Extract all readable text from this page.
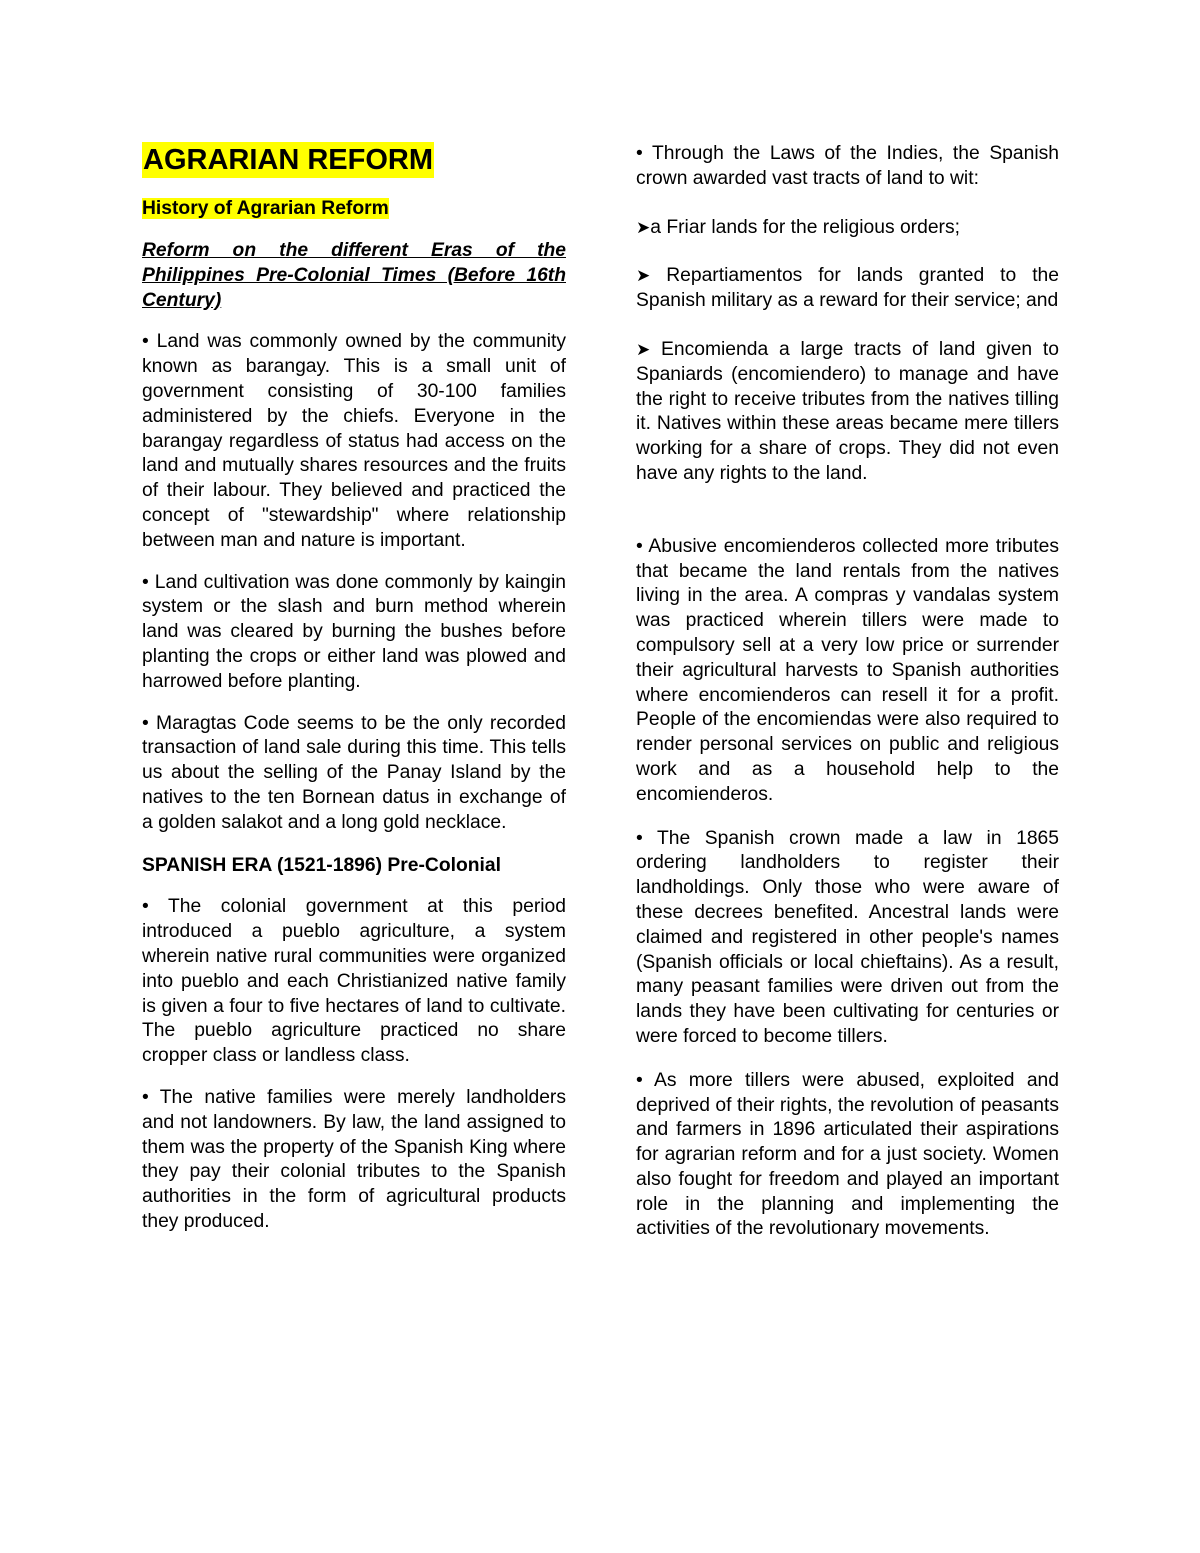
AGRARIAN REFORM
History of Agrarian Reform

Reform on the different Eras of the Philippines Pre-Colonial Times (Before 16th Century)

• Land was commonly owned by the community known as barangay. This is a small unit of government consisting of 30-100 families administered by the chiefs. Everyone in the barangay regardless of status had access on the land and mutually shares resources and the fruits of their labour. They believed and practiced the concept of "stewardship" where relationship between man and nature is important.

• Land cultivation was done commonly by kaingin system or the slash and burn method wherein land was cleared by burning the bushes before planting the crops or either land was plowed and harrowed before planting.

• Maragtas Code seems to be the only recorded transaction of land sale during this time. This tells us about the selling of the Panay Island by the natives to the ten Bornean datus in exchange of a golden salakot and a long gold necklace.

SPANISH ERA (1521-1896) Pre-Colonial

• The colonial government at this period introduced a pueblo agriculture, a system wherein native rural communities were organized into pueblo and each Christianized native family is given a four to five hectares of land to cultivate. The pueblo agriculture practiced no share cropper class or landless class.

• The native families were merely landholders and not landowners. By law, the land assigned to them was the property of the Spanish King where they pay their colonial tributes to the Spanish authorities in the form of agricultural products they produced.

• Through the Laws of the Indies, the Spanish crown awarded vast tracts of land to wit:

➤a Friar lands for the religious orders;

➤ Repartiamentos for lands granted to the Spanish military as a reward for their service; and

➤ Encomienda a large tracts of land given to Spaniards (encomiendero) to manage and have the right to receive tributes from the natives tilling it. Natives within these areas became mere tillers working for a share of crops. They did not even have any rights to the land.

• Abusive encomienderos collected more tributes that became the land rentals from the natives living in the area. A compras y vandalas system was practiced wherein tillers were made to compulsory sell at a very low price or surrender their agricultural harvests to Spanish authorities where encomienderos can resell it for a profit. People of the encomiendas were also required to render personal services on public and religious work and as a household help to the encomienderos.

• The Spanish crown made a law in 1865 ordering landholders to register their landholdings. Only those who were aware of these decrees benefited. Ancestral lands were claimed and registered in other people's names (Spanish officials or local chieftains). As a result, many peasant families were driven out from the lands they have been cultivating for centuries or were forced to become tillers.

• As more tillers were abused, exploited and deprived of their rights, the revolution of peasants and farmers in 1896 articulated their aspirations for agrarian reform and for a just society. Women also fought for freedom and played an important role in the planning and implementing the activities of the revolutionary movements.
